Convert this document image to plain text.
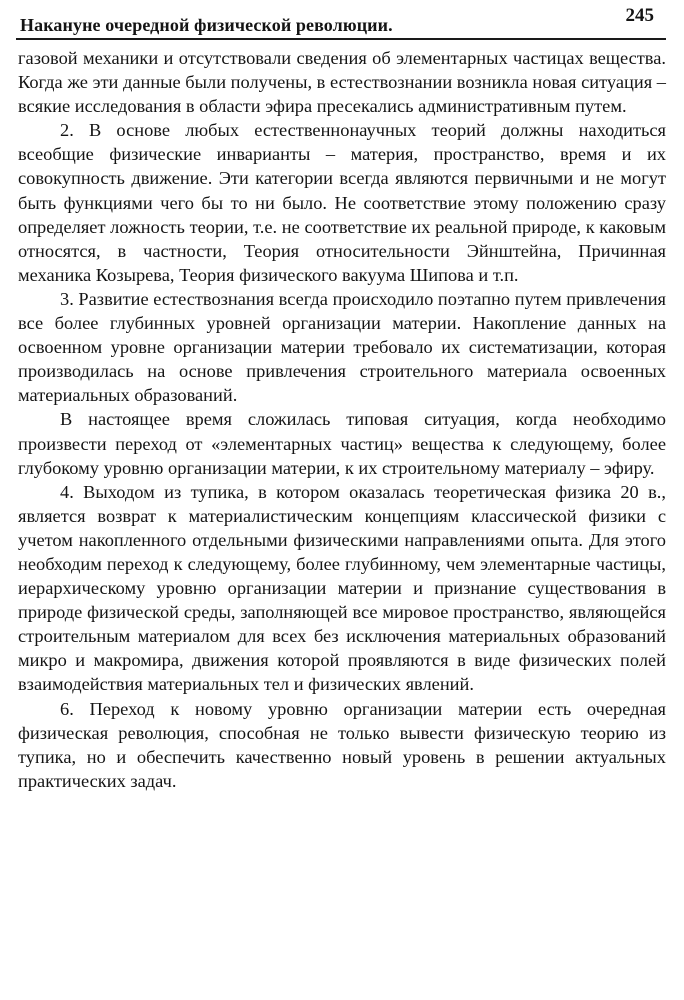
Накануне очередной физической революции.	245

газовой механики и отсутствовали сведения об элементарных частицах вещества. Когда же эти данные были получены, в естествознании возникла новая ситуация – всякие исследования в области эфира пресекались административным путем.

2. В основе любых естественнонаучных теорий должны находиться всеобщие физические инварианты – материя, пространство, время и их совокупность движение. Эти категории всегда являются первичными и не могут быть функциями чего бы то ни было. Не соответствие этому положению сразу определяет ложность теории, т.е. не соответствие их реальной природе, к каковым относятся, в частности, Теория относительности Эйнштейна, Причинная механика Козырева, Теория физического вакуума Шипова и т.п.

3. Развитие естествознания всегда происходило поэтапно путем привлечения все более глубинных уровней организации материи. Накопление данных на освоенном уровне организации материи требовало их систематизации, которая производилась на основе привлечения строительного материала освоенных материальных образований.

В настоящее время сложилась типовая ситуация, когда необходимо произвести переход от «элементарных частиц» вещества к следующему, более глубокому уровню организации материи, к их строительному материалу – эфиру.

4. Выходом из тупика, в котором оказалась теоретическая физика 20 в., является возврат к материалистическим концепциям классической физики с учетом накопленного отдельными физическими направлениями опыта. Для этого необходим переход к следующему, более глубинному, чем элементарные частицы, иерархическому уровню организации материи и признание существования в природе физической среды, заполняющей все мировое пространство, являющейся строительным материалом для всех без исключения материальных образований микро и макромира, движения которой проявляются в виде физических полей взаимодействия материальных тел и физических явлений.

6. Переход к новому уровню организации материи есть очередная физическая революция, способная не только вывести физическую теорию из тупика, но и обеспечить качественно новый уровень в решении актуальных практических задач.
